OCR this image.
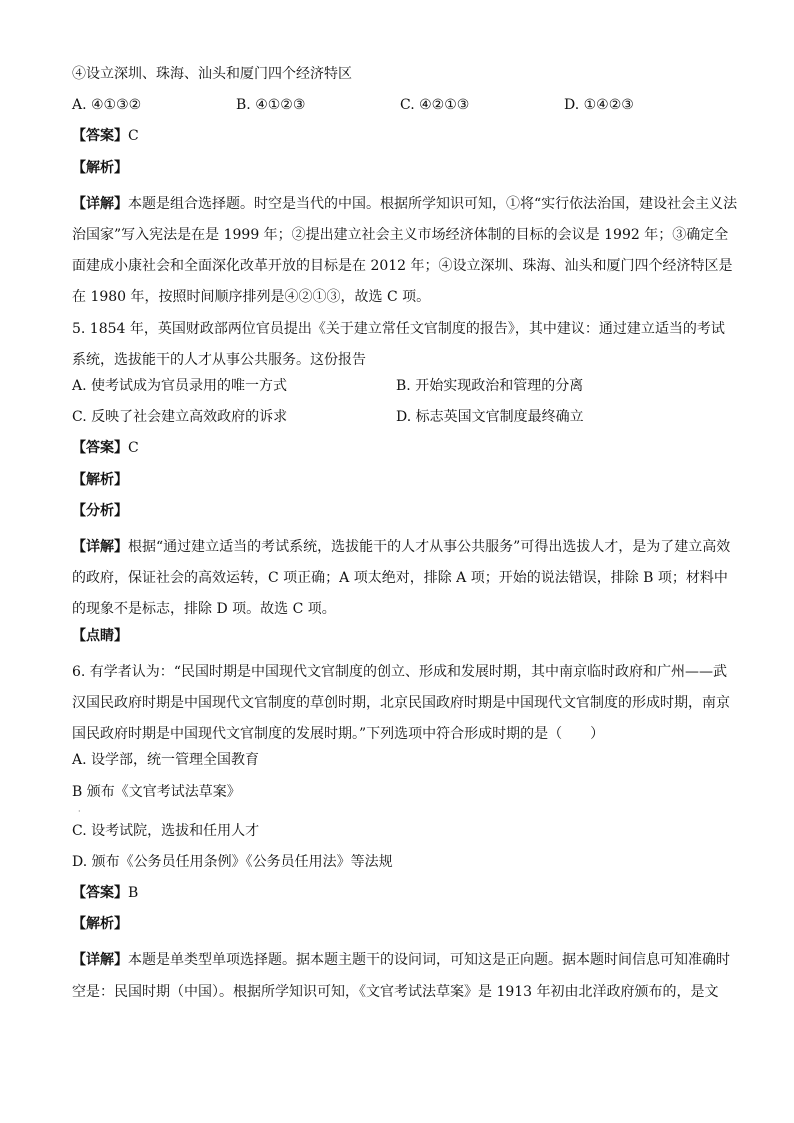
④设立深圳、珠海、汕头和厦门四个经济特区
A. ④①③②	B. ④①②③	C. ④②①③	D. ①④②③
【答案】C
【解析】
【详解】本题是组合选择题。时空是当代的中国。根据所学知识可知，①将“实行依法治国，建设社会主义法治国家”写入宪法是在是 1999 年；②提出建立社会主义市场经济体制的目标的会议是 1992 年；③确定全面建成小康社会和全面深化改革开放的目标是在 2012 年；④设立深圳、珠海、汕头和厦门四个经济特区是在 1980 年，按照时间顺序排列是④②①③，故选 C 项。
5. 1854 年，英国财政部两位官员提出《关于建立常任文官制度的报告》，其中建议：通过建立适当的考试系统，选拔能干的人才从事公共服务。这份报告
A. 使考试成为官员录用的唯一方式	B. 开始实现政治和管理的分离
C. 反映了社会建立高效政府的诉求	D. 标志英国文官制度最终确立
【答案】C
【解析】
【分析】
【详解】根据“通过建立适当的考试系统，选拔能干的人才从事公共服务”可得出选拔人才，是为了建立高效的政府，保证社会的高效运转，C 项正确；A 项太绝对，排除 A 项；开始的说法错误，排除 B 项；材料中的现象不是标志，排除 D 项。故选 C 项。
【点睛】
6. 有学者认为：“民国时期是中国现代文官制度的创立、形成和发展时期，其中南京临时政府和广州——武汉国民政府时期是中国现代文官制度的草创时期，北京民国政府时期是中国现代文官制度的形成时期，南京国民政府时期是中国现代文官制度的发展时期。”下列选项中符合形成时期的是（　　）
A. 设学部，统一管理全国教育
B 颁布《文官考试法草案》
·
C. 设考试院，选拔和任用人才
D. 颁布《公务员任用条例》《公务员任用法》等法规
【答案】B
【解析】
【详解】本题是单类型单项选择题。据本题主题干的设问词，可知这是正向题。据本题时间信息可知准确时空是：民国时期（中国）。根据所学知识可知，《文官考试法草案》是 1913 年初由北洋政府颁布的，是文
